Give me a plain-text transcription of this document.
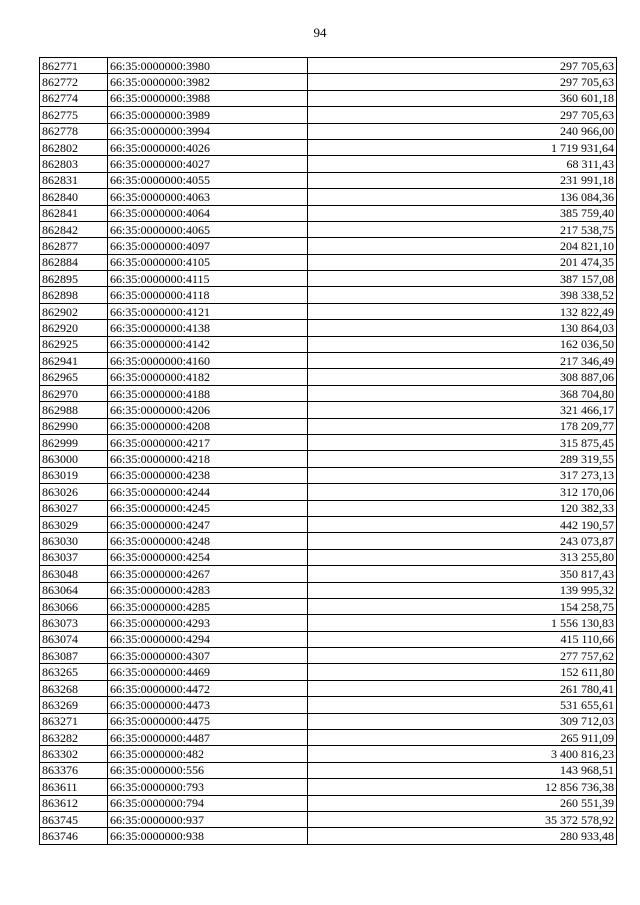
94
862771	66:35:0000000:3980	297 705,63
862772	66:35:0000000:3982	297 705,63
862774	66:35:0000000:3988	360 601,18
862775	66:35:0000000:3989	297 705,63
862778	66:35:0000000:3994	240 966,00
862802	66:35:0000000:4026	1 719 931,64
862803	66:35:0000000:4027	68 311,43
862831	66:35:0000000:4055	231 991,18
862840	66:35:0000000:4063	136 084,36
862841	66:35:0000000:4064	385 759,40
862842	66:35:0000000:4065	217 538,75
862877	66:35:0000000:4097	204 821,10
862884	66:35:0000000:4105	201 474,35
862895	66:35:0000000:4115	387 157,08
862898	66:35:0000000:4118	398 338,52
862902	66:35:0000000:4121	132 822,49
862920	66:35:0000000:4138	130 864,03
862925	66:35:0000000:4142	162 036,50
862941	66:35:0000000:4160	217 346,49
862965	66:35:0000000:4182	308 887,06
862970	66:35:0000000:4188	368 704,80
862988	66:35:0000000:4206	321 466,17
862990	66:35:0000000:4208	178 209,77
862999	66:35:0000000:4217	315 875,45
863000	66:35:0000000:4218	289 319,55
863019	66:35:0000000:4238	317 273,13
863026	66:35:0000000:4244	312 170,06
863027	66:35:0000000:4245	120 382,33
863029	66:35:0000000:4247	442 190,57
863030	66:35:0000000:4248	243 073,87
863037	66:35:0000000:4254	313 255,80
863048	66:35:0000000:4267	350 817,43
863064	66:35:0000000:4283	139 995,32
863066	66:35:0000000:4285	154 258,75
863073	66:35:0000000:4293	1 556 130,83
863074	66:35:0000000:4294	415 110,66
863087	66:35:0000000:4307	277 757,62
863265	66:35:0000000:4469	152 611,80
863268	66:35:0000000:4472	261 780,41
863269	66:35:0000000:4473	531 655,61
863271	66:35:0000000:4475	309 712,03
863282	66:35:0000000:4487	265 911,09
863302	66:35:0000000:482	3 400 816,23
863376	66:35:0000000:556	143 968,51
863611	66:35:0000000:793	12 856 736,38
863612	66:35:0000000:794	260 551,39
863745	66:35:0000000:937	35 372 578,92
863746	66:35:0000000:938	280 933,48
